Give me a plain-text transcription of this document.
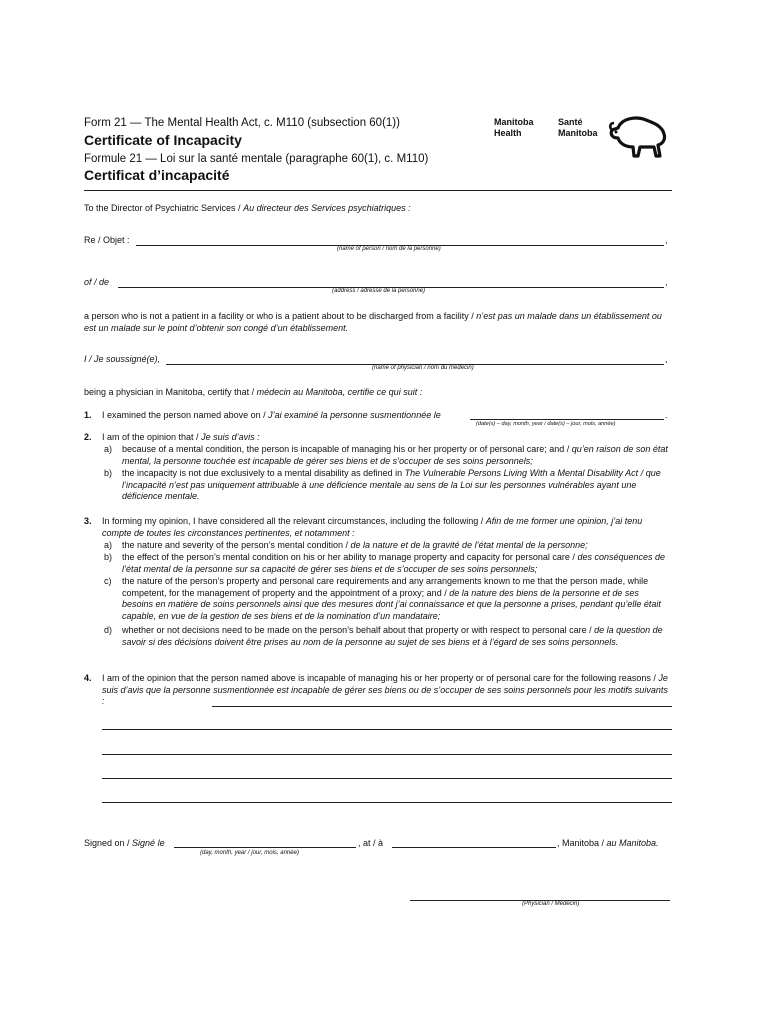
Form 21 — The Mental Health Act, c. M110 (subsection 60(1))
Certificate of Incapacity
Formule 21 — Loi sur la santé mentale (paragraphe 60(1), c. M110)
Certificat d’incapacité
Manitoba
Health
Santé
Manitoba
To the Director of Psychiatric Services / Au directeur des Services psychiatriques :
Re / Objet :	,
(name of person / nom de la personne)
of / de	,
(address / adresse de la personne)
a person who is not a patient in a facility or who is a patient about to be discharged from a facility / n’est pas un malade dans un établissement ou est un malade sur le point d’obtenir son congé d’un établissement.
I / Je soussigné(e),	,
(name of physician / nom du médecin)
being a physician in Manitoba, certify that / médecin au Manitoba, certifie ce qui suit :
1. I examined the person named above on / J’ai examiné la personne susmentionnée le	.
(date(s) – day, month, year / date(s) – jour, mois, année)
2. I am of the opinion that / Je suis d’avis :
a) because of a mental condition, the person is incapable of managing his or her property or of personal care; and / qu’en raison de son état mental, la personne touchée est incapable de gérer ses biens et de s’occuper de ses soins personnels;
b) the incapacity is not due exclusively to a mental disability as defined in The Vulnerable Persons Living With a Mental Disability Act / que l’incapacité n’est pas uniquement attribuable à une déficience mentale au sens de la Loi sur les personnes vulnérables ayant une déficience mentale.
3. In forming my opinion, I have considered all the relevant circumstances, including the following / Afin de me former une opinion, j’ai tenu compte de toutes les circonstances pertinentes, et notamment :
a) the nature and severity of the person’s mental condition / de la nature et de la gravité de l’état mental de la personne;
b) the effect of the person’s mental condition on his or her ability to manage property and capacity for personal care / des conséquences de l’état mental de la personne sur sa capacité de gérer ses biens et de s’occuper de ses soins personnels;
c) the nature of the person’s property and personal care requirements and any arrangements known to me that the person made, while competent, for the management of property and the appointment of a proxy; and / de la nature des biens de la personne et de ses besoins en matière de soins personnels ainsi que des mesures dont j’ai connaissance et que la personne a prises, pendant qu’elle était capable, en vue de la gestion de ses biens et de la nomination d’un mandataire;
d) whether or not decisions need to be made on the person’s behalf about that property or with respect to personal care / de la question de savoir si des décisions doivent être prises au nom de la personne au sujet de ses biens et à l’égard de ses soins personnels.
4. I am of the opinion that the person named above is incapable of managing his or her property or of personal care for the following reasons / Je suis d’avis que la personne susmentionnée est incapable de gérer ses biens ou de s’occuper de ses soins personnels pour les motifs suivants :
Signed on / Signé le
(day, month, year / jour, mois, année)
, at / à	, Manitoba / au Manitoba.
(Physician / Médecin)
